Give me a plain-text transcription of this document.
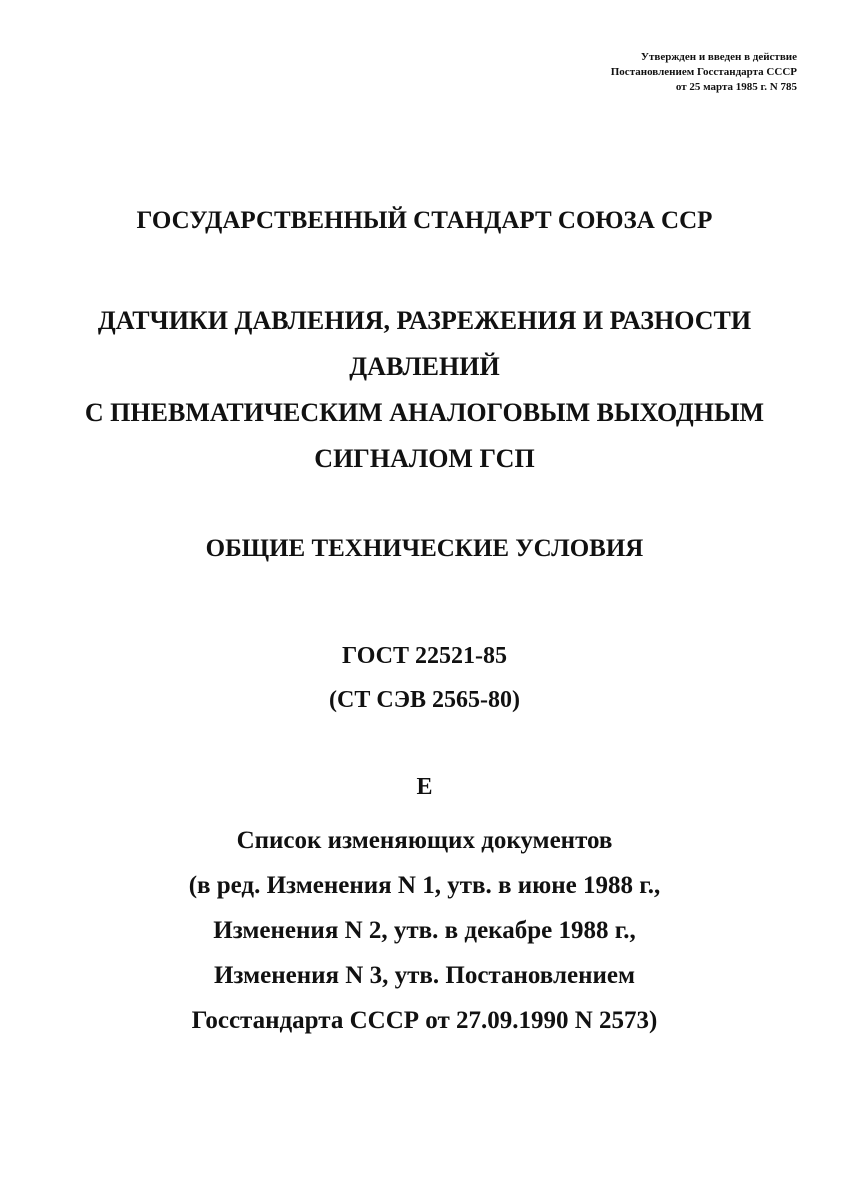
Утвержден и введен в действие
Постановлением Госстандарта СССР
от 25 марта 1985 г. N 785
ГОСУДАРСТВЕННЫЙ СТАНДАРТ СОЮЗА ССР
ДАТЧИКИ ДАВЛЕНИЯ, РАЗРЕЖЕНИЯ И РАЗНОСТИ
ДАВЛЕНИЙ
С ПНЕВМАТИЧЕСКИМ АНАЛОГОВЫМ ВЫХОДНЫМ
СИГНАЛОМ ГСП
ОБЩИЕ ТЕХНИЧЕСКИЕ УСЛОВИЯ
ГОСТ 22521-85
(СТ СЭВ 2565-80)
Е
Список изменяющих документов
(в ред. Изменения N 1, утв. в июне 1988 г.,
Изменения N 2, утв. в декабре 1988 г.,
Изменения N 3, утв. Постановлением
Госстандарта СССР от 27.09.1990 N 2573)
